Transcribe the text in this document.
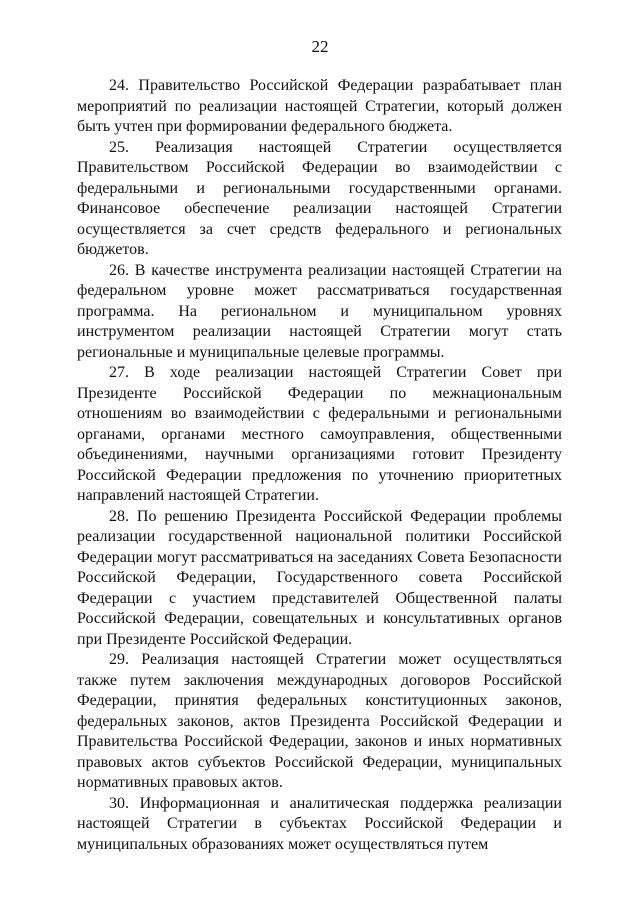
22

24. Правительство Российской Федерации разрабатывает план мероприятий по реализации настоящей Стратегии, который должен быть учтен при формировании федерального бюджета.

25. Реализация настоящей Стратегии осуществляется Правительством Российской Федерации во взаимодействии с федеральными и региональными государственными органами. Финансовое обеспечение реализации настоящей Стратегии осуществляется за счет средств федерального и региональных бюджетов.

26. В качестве инструмента реализации настоящей Стратегии на федеральном уровне может рассматриваться государственная программа. На региональном и муниципальном уровнях инструментом реализации настоящей Стратегии могут стать региональные и муниципальные целевые программы.

27. В ходе реализации настоящей Стратегии Совет при Президенте Российской Федерации по межнациональным отношениям во взаимодействии с федеральными и региональными органами, органами местного самоуправления, общественными объединениями, научными организациями готовит Президенту Российской Федерации предложения по уточнению приоритетных направлений настоящей Стратегии.

28. По решению Президента Российской Федерации проблемы реализации государственной национальной политики Российской Федерации могут рассматриваться на заседаниях Совета Безопасности Российской Федерации, Государственного совета Российской Федерации с участием представителей Общественной палаты Российской Федерации, совещательных и консультативных органов при Президенте Российской Федерации.

29. Реализация настоящей Стратегии может осуществляться также путем заключения международных договоров Российской Федерации, принятия федеральных конституционных законов, федеральных законов, актов Президента Российской Федерации и Правительства Российской Федерации, законов и иных нормативных правовых актов субъектов Российской Федерации, муниципальных нормативных правовых актов.

30. Информационная и аналитическая поддержка реализации настоящей Стратегии в субъектах Российской Федерации и муниципальных образованиях может осуществляться путем
